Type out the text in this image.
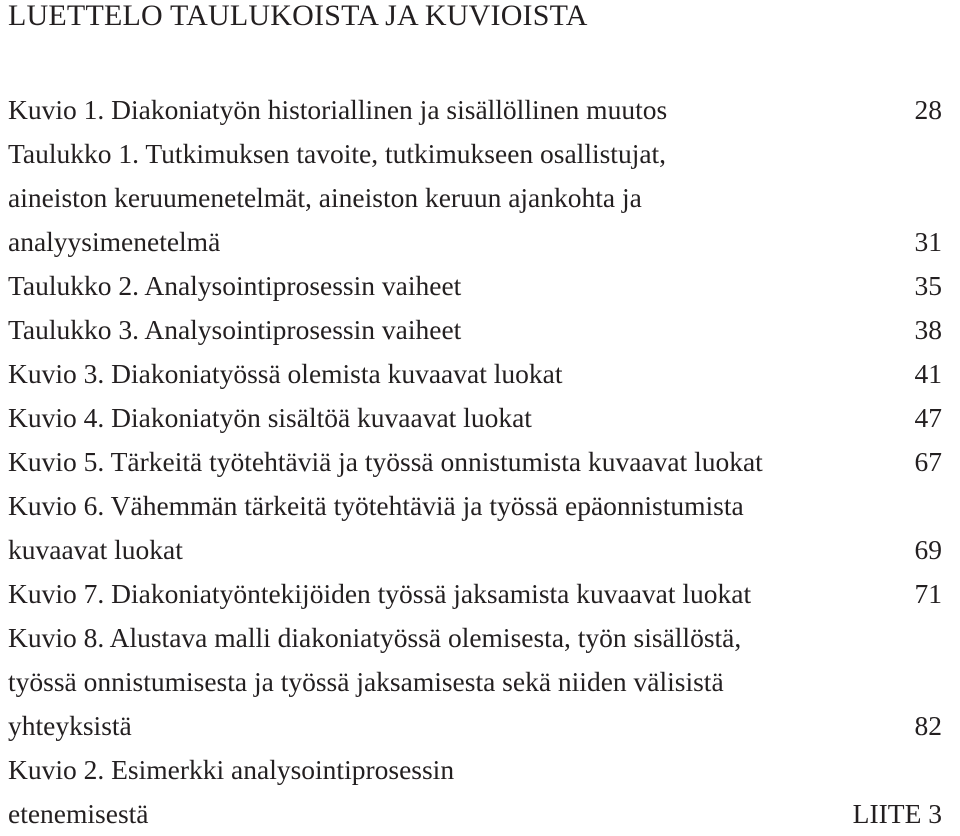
LUETTELO TAULUKOISTA JA KUVIOISTA
Kuvio 1. Diakoniatyön historiallinen ja sisällöllinen muutos	28
Taulukko 1. Tutkimuksen tavoite, tutkimukseen osallistujat,
aineiston keruumenetelmät, aineiston keruun ajankohta ja
analyysimenetelmä	31
Taulukko 2. Analysointiprosessin vaiheet	35
Taulukko 3. Analysointiprosessin vaiheet	38
Kuvio 3. Diakoniatyössä olemista kuvaavat luokat	41
Kuvio 4. Diakoniatyön sisältöä kuvaavat luokat	47
Kuvio 5. Tärkeitä työtehtäviä ja työssä onnistumista kuvaavat luokat	67
Kuvio 6. Vähemmän tärkeitä työtehtäviä ja työssä epäonnistumista
kuvaavat luokat	69
Kuvio 7. Diakoniatyöntekijöiden työssä jaksamista kuvaavat luokat	71
Kuvio 8. Alustava malli diakoniatyössä olemisesta, työn sisällöstä,
työssä onnistumisesta ja työssä jaksamisesta sekä niiden välisistä
yhteyksistä	82
Kuvio 2. Esimerkki analysointiprosessin
etenemisestä	LIITE 3
